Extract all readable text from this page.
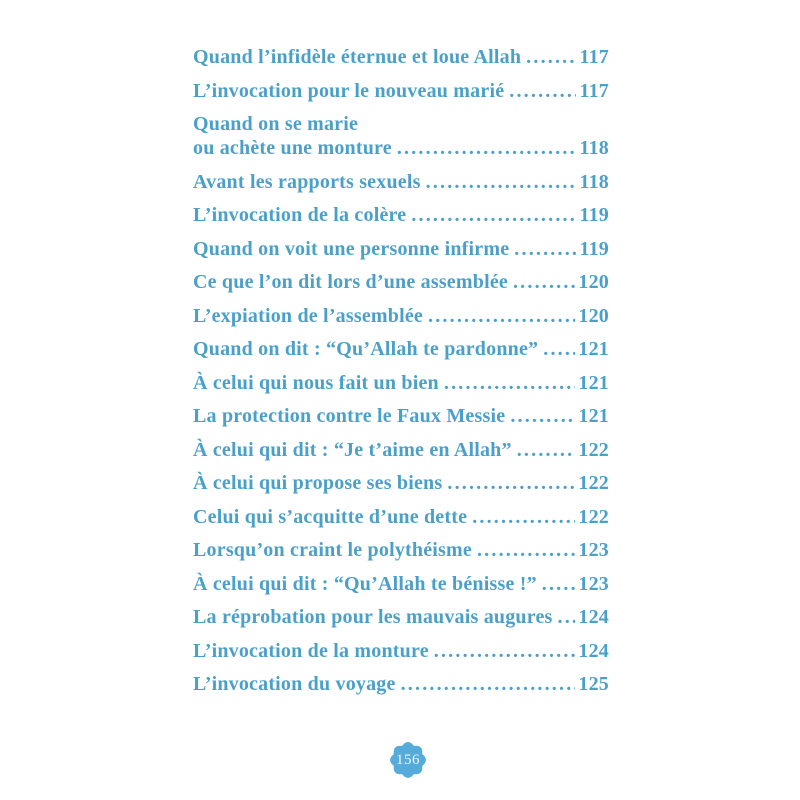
Quand l’infidèle éternue et loue Allah .....	117
L’invocation pour le nouveau marié .....	117
Quand on se marie
ou achète une monture .....	118
Avant les rapports sexuels .....	118
L’invocation de la colère .....	119
Quand on voit une personne infirme .....	119
Ce que l’on dit lors d’une assemblée .....	120
L’expiation de l’assemblée .....	120
Quand on dit : “Qu’Allah te pardonne” ..... 121
À celui qui nous fait un bien .....	121
La protection contre le Faux Messie .....	121
À celui qui dit : “Je t’aime en Allah” .....	122
À celui qui propose ses biens .....	122
Celui qui s’acquitte d’une dette .....	122
Lorsqu’on craint le polythéisme .....	123
À celui qui dit : “Qu’Allah te bénisse !” ..... 123
La réprobation pour les mauvais augures ..... 124
L’invocation de la monture .....	124
L’invocation du voyage .....	125
156
